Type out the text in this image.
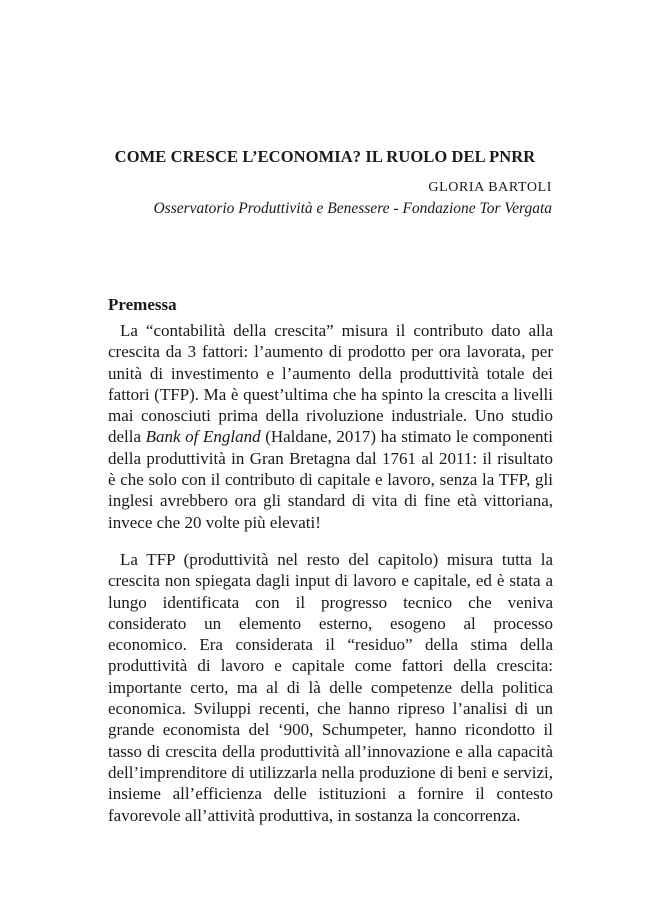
COME CRESCE L’ECONOMIA? IL RUOLO DEL PNRR

GLORIA BARTOLI

Osservatorio Produttività e Benessere - Fondazione Tor Vergata

Premessa

La “contabilità della crescita” misura il contributo dato alla crescita da 3 fattori: l’aumento di prodotto per ora lavorata, per unità di investimento e l’aumento della produttività totale dei fattori (TFP). Ma è quest’ultima che ha spinto la crescita a livelli mai conosciuti prima della rivoluzione industriale. Uno studio della Bank of England (Haldane, 2017) ha stimato le componenti della produttività in Gran Bretagna dal 1761 al 2011: il risultato è che solo con il contributo di capitale e lavoro, senza la TFP, gli inglesi avrebbero ora gli standard di vita di fine età vittoriana, invece che 20 volte più elevati!

La TFP (produttività nel resto del capitolo) misura tutta la crescita non spiegata dagli input di lavoro e capitale, ed è stata a lungo identificata con il progresso tecnico che veniva considerato un elemento esterno, esogeno al processo economico. Era considerata il “residuo” della stima della produttività di lavoro e capitale come fattori della crescita: importante certo, ma al di là delle competenze della politica economica. Sviluppi recenti, che hanno ripreso l’analisi di un grande economista del ‘900, Schumpeter, hanno ricondotto il tasso di crescita della produttività all’innovazione e alla capacità dell’imprenditore di utilizzarla nella produzione di beni e servizi, insieme all’efficienza delle istituzioni a fornire il contesto favorevole all’attività produttiva, in sostanza la concorrenza.
